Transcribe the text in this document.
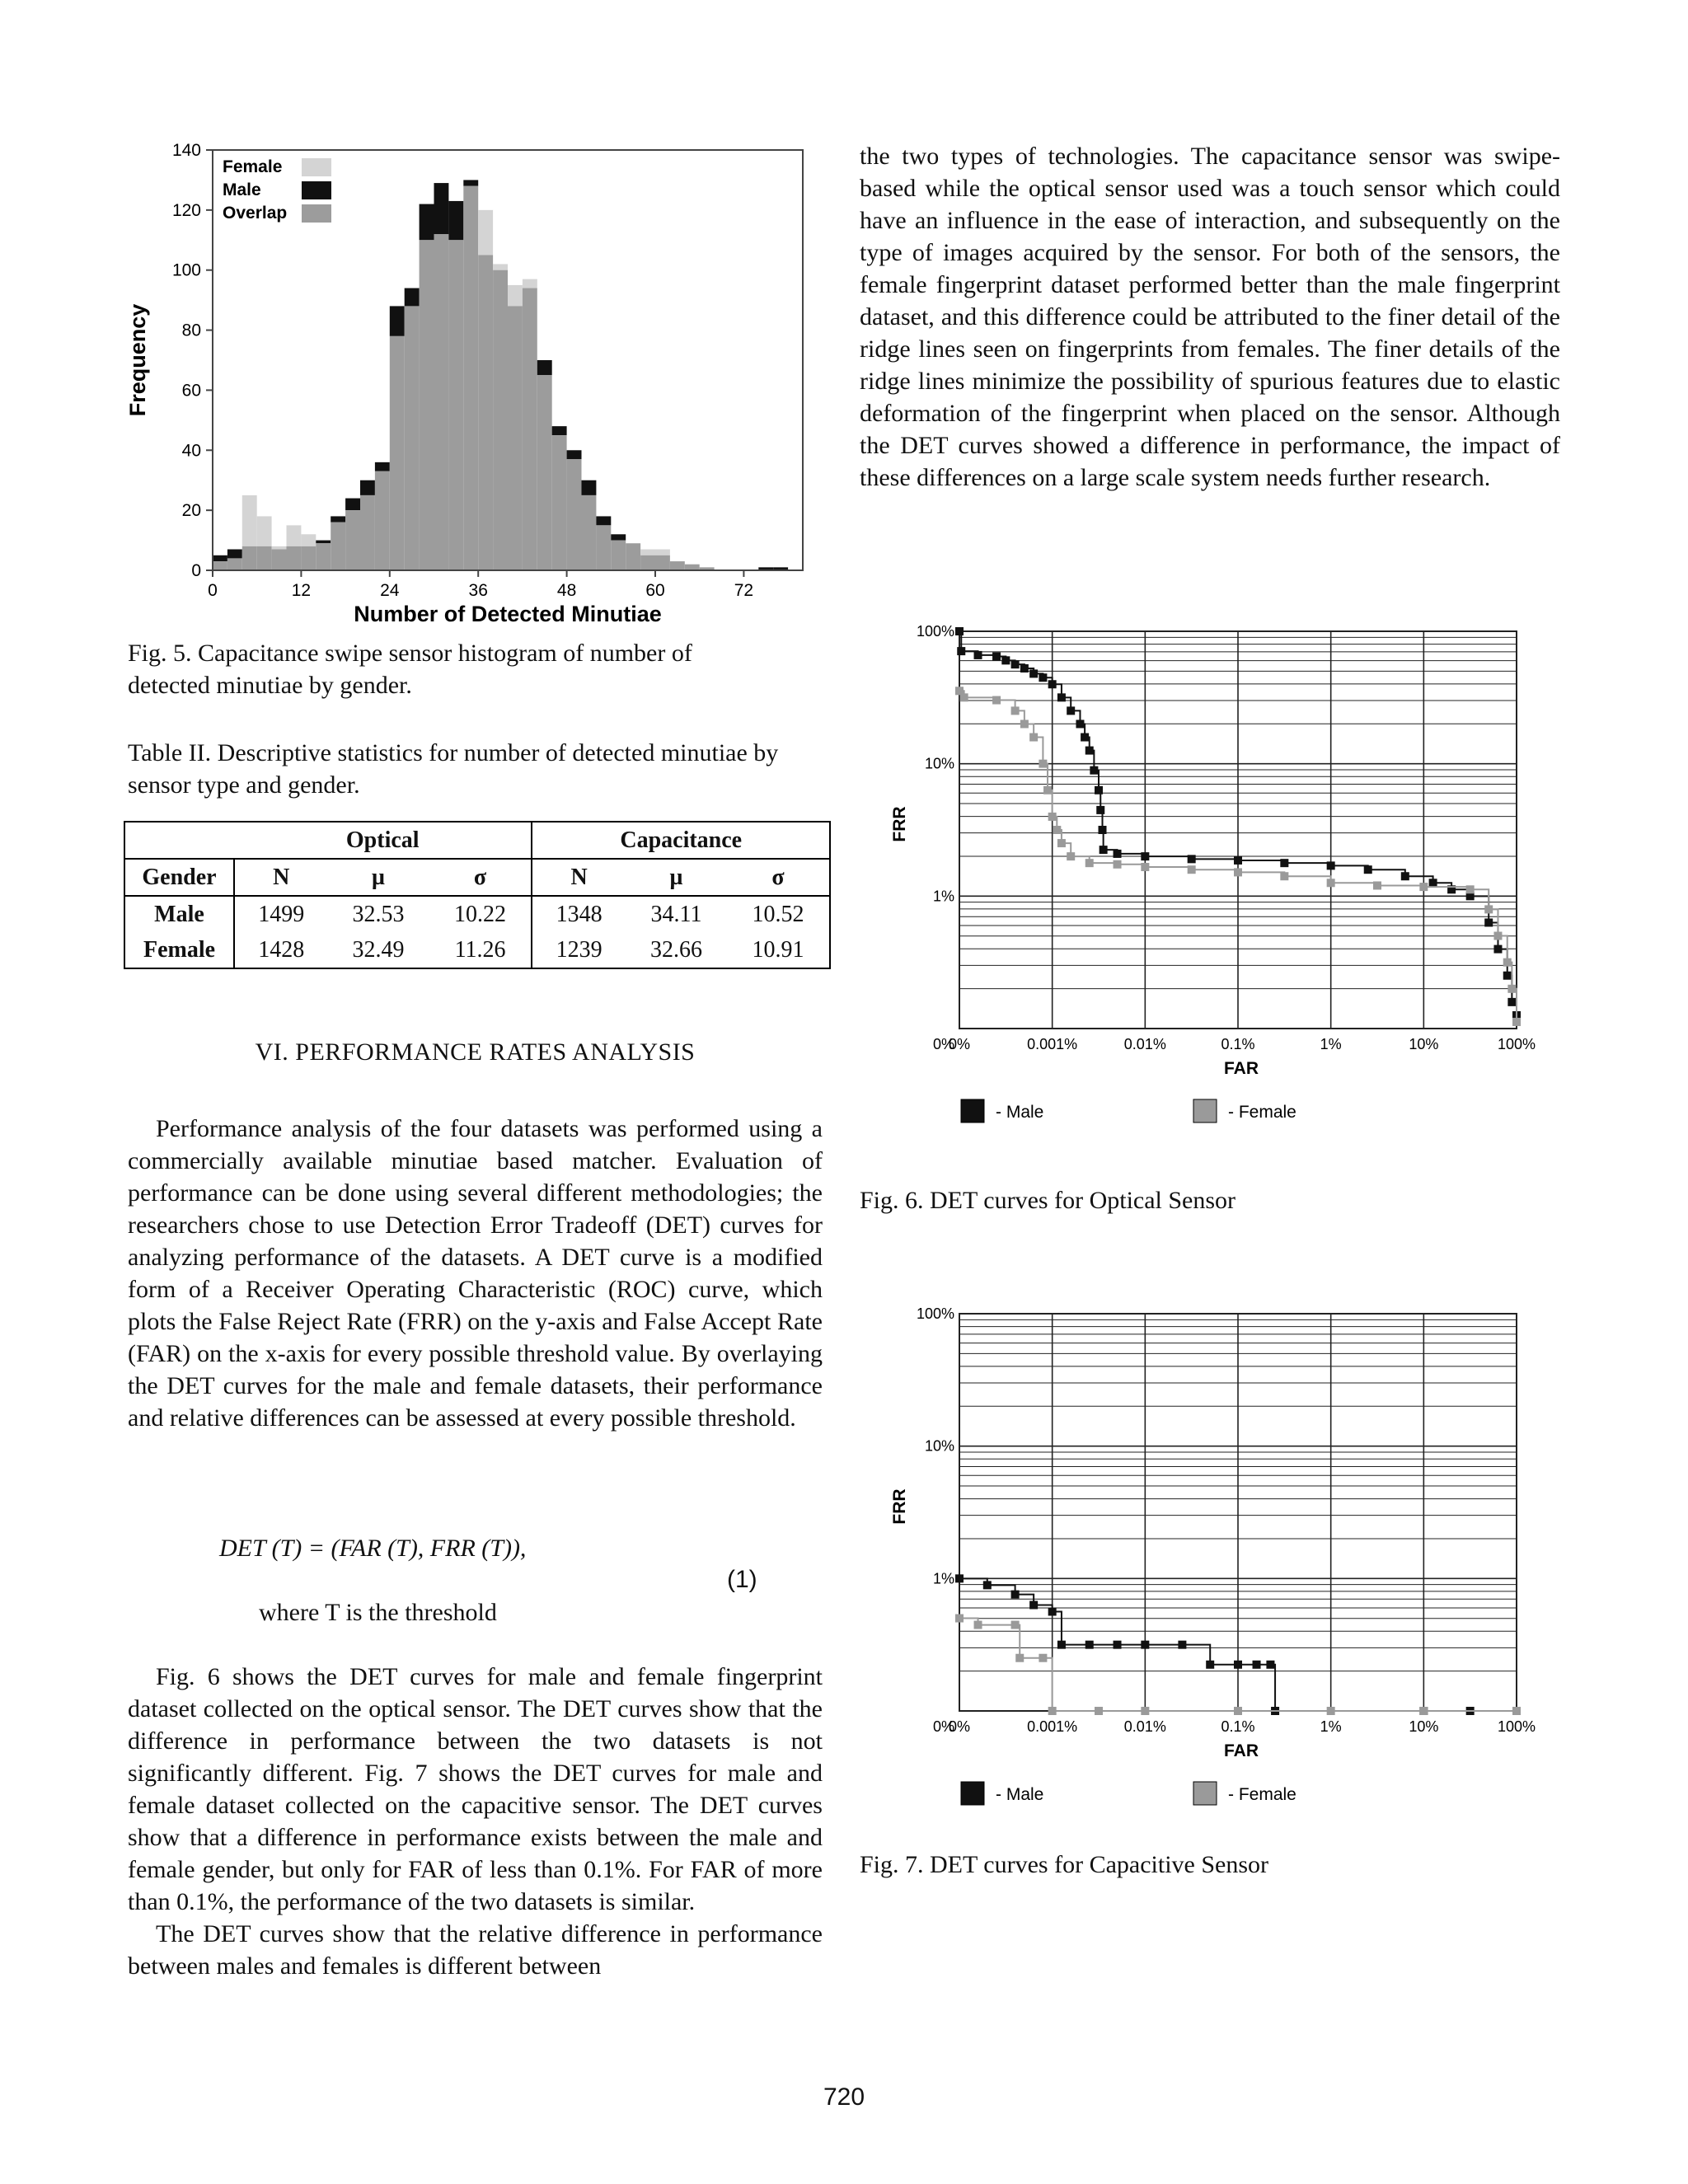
0
20
40
60
80
100
120
140
0	12	24	36	48	60	72
Frequency
Number of Detected Minutiae
Female
Male
Overlap

Fig. 5. Capacitance swipe sensor histogram of number of detected minutiae by gender.

Table II. Descriptive statistics for number of detected minutiae by sensor type and gender.

	Optical			Capacitance		
Gender	N	µ	σ	N	µ	σ
Male	1499	32.53	10.22	1348	34.11	10.52
Female	1428	32.49	11.26	1239	32.66	10.91
VI. PERFORMANCE RATES ANALYSIS

Performance analysis of the four datasets was performed using a commercially available minutiae based matcher. Evaluation of performance can be done using several different methodologies; the researchers chose to use Detection Error Tradeoff (DET) curves for analyzing performance of the datasets. A DET curve is a modified form of a Receiver Operating Characteristic (ROC) curve, which plots the False Reject Rate (FRR) on the y-axis and False Accept Rate (FAR) on the x-axis for every possible threshold value. By overlaying the DET curves for the male and female datasets, their performance and relative differences can be assessed at every possible threshold.

DET (T) = (FAR (T), FRR (T)),
(1)
where T is the threshold

Fig. 6 shows the DET curves for male and female fingerprint dataset collected on the optical sensor. The DET curves show that the difference in performance between the two datasets is not significantly different. Fig. 7 shows the DET curves for male and female dataset collected on the capacitive sensor. The DET curves show that a difference in performance exists between the male and female gender, but only for FAR of less than 0.1%. For FAR of more than 0.1%, the performance of the two datasets is similar.

The DET curves show that the relative difference in performance between males and females is different between

the two types of technologies. The capacitance sensor was swipe-based while the optical sensor used was a touch sensor which could have an influence in the ease of interaction, and subsequently on the type of images acquired by the sensor. For both of the sensors, the female fingerprint dataset performed better than the male fingerprint dataset, and this difference could be attributed to the finer detail of the ridge lines seen on fingerprints from females. The finer details of the ridge lines minimize the possibility of spurious features due to elastic deformation of the fingerprint when placed on the sensor. Although the DET curves showed a difference in performance, the impact of these differences on a large scale system needs further research.

0%	0.001%	0.01%	0.1%	1%	10%	100%
100%
10%
1%
0%
FRR
FAR
- Male	- Female

Fig. 6. DET curves for Optical Sensor

0%	0.001%	0.01%	0.1%	1%	10%	100%
100%
10%
1%
0%
FRR
FAR
- Male	- Female

Fig. 7. DET curves for Capacitive Sensor

720
